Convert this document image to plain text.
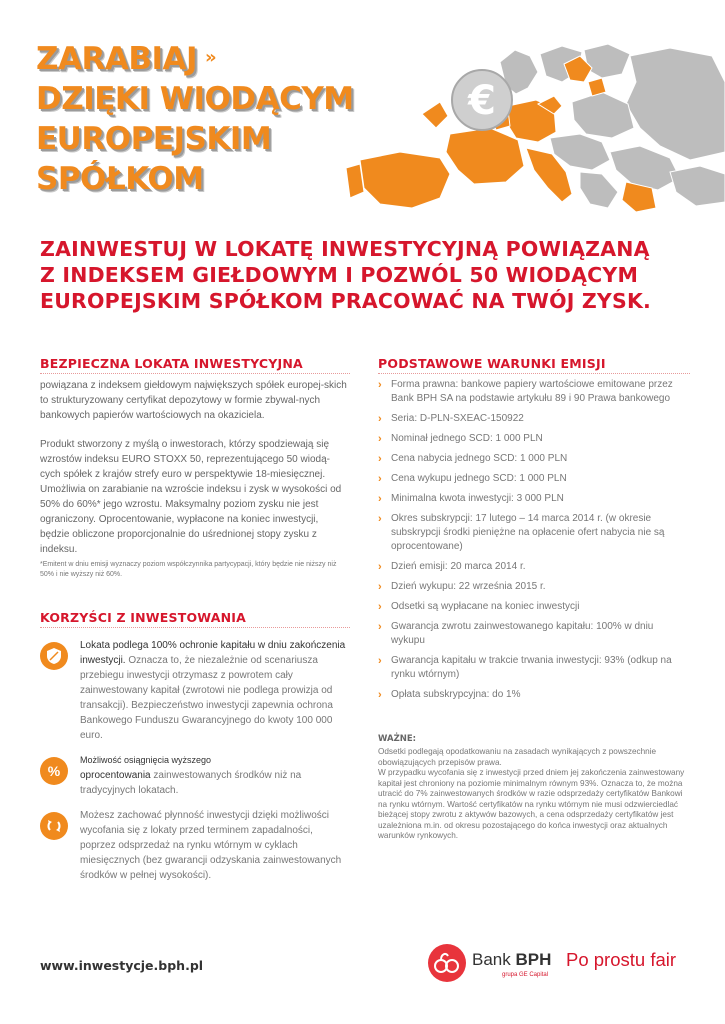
ZARABIAJ »
DZIĘKI WIODĄCYM
EUROPEJSKIM
SPÓŁKOM
€
ZAINWESTUJ W LOKATĘ INWESTYCYJNĄ POWIĄZANĄ
Z INDEKSEM GIEŁDOWYM I POZWÓL 50 WIODĄCYM
EUROPEJSKIM SPÓŁKOM PRACOWAĆ NA TWÓJ ZYSK.
BEZPIECZNA LOKATA INWESTYCYJNA

powiązana z indeksem giełdowym największych spółek europej-skich to strukturyzowany certyfikat depozytowy w formie zbywal-nych bankowych papierów wartościowych na okaziciela.

Produkt stworzony z myślą o inwestorach, którzy spodziewają się wzrostów indeksu EURO STOXX 50, reprezentującego 50 wiodą-cych spółek z krajów strefy euro w perspektywie 18-miesięcznej. Umożliwia on zarabianie na wzroście indeksu i zysk w wysokości od 50% do 60%* jego wzrostu. Maksymalny poziom zysku nie jest ograniczony. Oprocentowanie, wypłacone na koniec inwestycji, będzie obliczone proporcjonalnie do uśrednionej stopy zysku z indeksu.

*Emitent w dniu emisji wyznaczy poziom współczynnika partycypacji, który będzie nie niższy niż 50% i nie wyższy niż 60%.

KORZYŚCI Z INWESTOWANIA

Lokata podlega 100% ochronie kapitału w dniu zakończenia inwestycji. Oznacza to, że niezależnie od scenariusza przebiegu inwestycji otrzymasz z powrotem cały zainwestowany kapitał (zwrotowi nie podlega prowizja od transakcji). Bezpieczeństwo inwestycji zapewnia ochrona Bankowego Funduszu Gwarancyjnego do kwoty 100 000 euro.

%

Możliwość osiągnięcia wyższego
oprocentowania zainwestowanych środków niż na tradycyjnych lokatach.

Możesz zachować płynność inwestycji dzięki możliwości wycofania się z lokaty przed terminem zapadalności, poprzez odsprzedaż na rynku wtórnym w cyklach miesięcznych (bez gwarancji odzyskania zainwestowanych środków w pełnej wysokości).

PODSTAWOWE WARUNKI EMISJI
› Forma prawna: bankowe papiery wartościowe emitowane przez Bank BPH SA na podstawie artykułu 89 i 90 Prawa bankowego
› Seria: D-PLN-SXEAC-150922
› Nominał jednego SCD: 1 000 PLN
› Cena nabycia jednego SCD: 1 000 PLN
› Cena wykupu jednego SCD: 1 000 PLN
› Minimalna kwota inwestycji: 3 000 PLN
› Okres subskrypcji: 17 lutego – 14 marca 2014 r. (w okresie subskrypcji środki pieniężne na opłacenie ofert nabycia nie są oprocentowane)
› Dzień emisji: 20 marca 2014 r.
› Dzień wykupu: 22 września 2015 r.
› Odsetki są wypłacane na koniec inwestycji
› Gwarancja zwrotu zainwestowanego kapitału: 100% w dniu wykupu
› Gwarancja kapitału w trakcie trwania inwestycji: 93% (odkup na rynku wtórnym)
› Opłata subskrypcyjna: do 1%
WAŻNE:

Odsetki podlegają opodatkowaniu na zasadach wynikających z powszechnie obowiązujących przepisów prawa.

W przypadku wycofania się z inwestycji przed dniem jej zakończenia zainwestowany kapitał jest chroniony na poziomie minimalnym równym 93%. Oznacza to, że można utracić do 7% zainwestowanych środków w razie odsprzedaży certyfikatów Bankowi na rynku wtórnym. Wartość certyfikatów na rynku wtórnym nie musi odzwierciedlać bieżącej stopy zwrotu z aktywów bazowych, a cena odsprzedaży certyfikatów jest uzależniona m.in. od okresu pozostającego do końca inwestycji oraz aktualnych warunków rynkowych.

www.inwestycje.bph.pl	Bank BPH
grupa GE Capital
Po prostu fair
